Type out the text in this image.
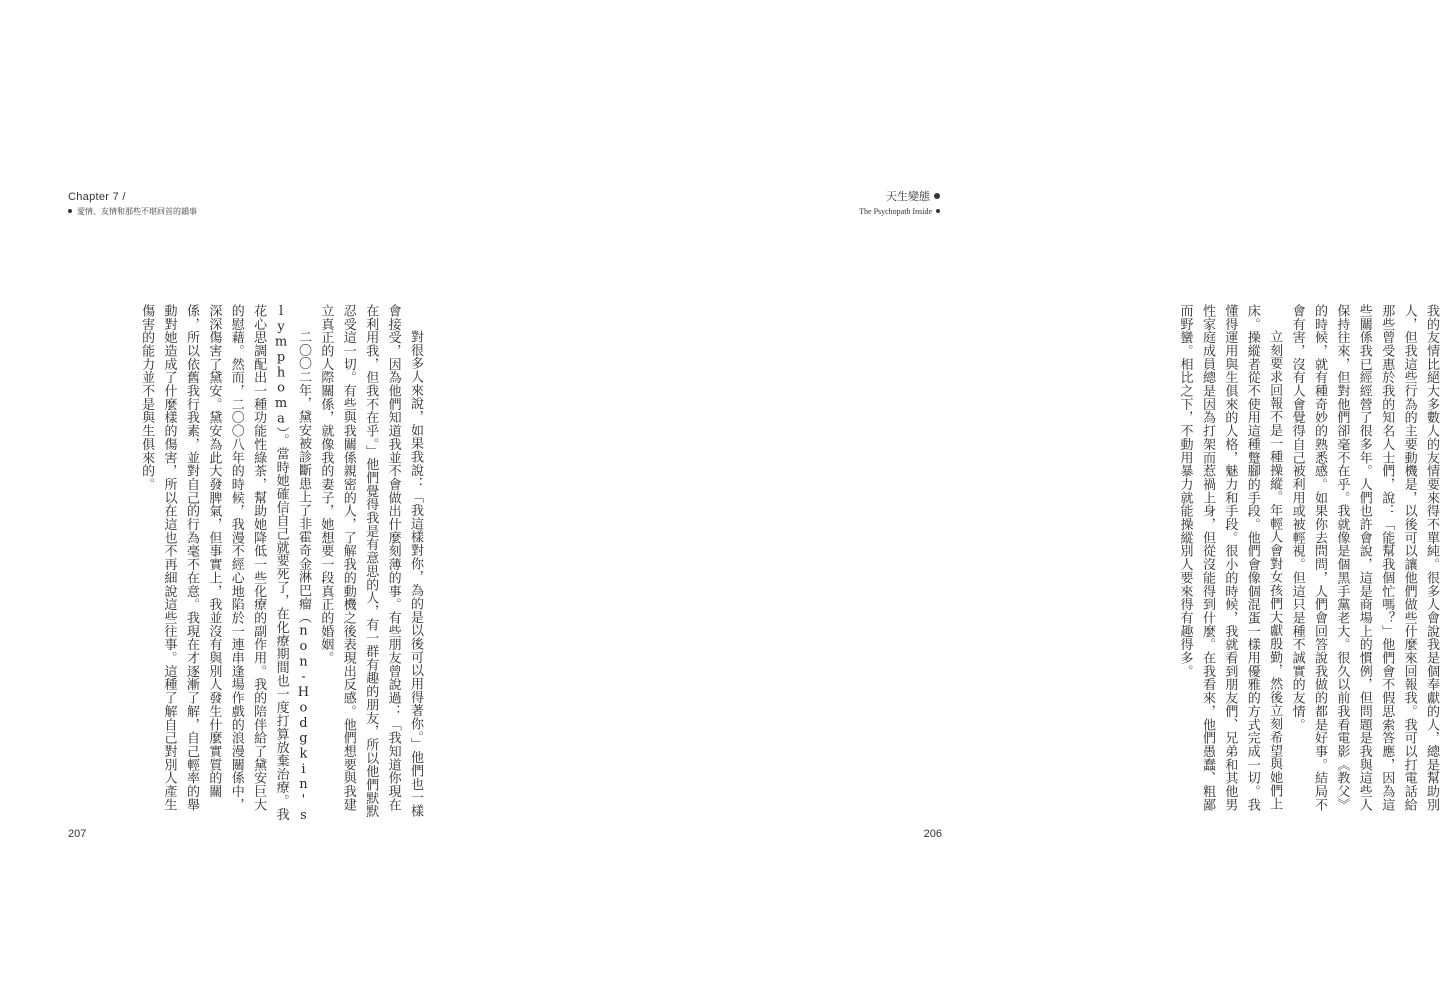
Chapter 7 /
愛情、友情和那些不堪回首的韻事

對很多人來說，如果我說：「我這樣對你，為的是以後可以用得著你。」他們也一樣會接受，因為他們知道我並不會做出什麼刻薄的事。有些朋友曾說過：「我知道你現在在利用我，但我不在乎。」他們覺得我是有意思的人，有一群有趣的朋友，所以他們默默忍受這一切。有些與我關係親密的人，了解我的動機之後表現出反感。他們想要與我建立真正的人際關係，就像我的妻子，她想要一段真正的婚姻。

二〇〇二年，黛安被診斷患上了非霍奇金淋巴瘤（non-Hodgkin's lymphoma）。當時她確信自己就要死了，在化療期間也一度打算放棄治療。我花心思調配出一種功能性綠茶，幫助她降低一些化療的副作用。我的陪伴給了黛安巨大的慰藉。然而，二〇〇八年的時候，我漫不經心地陷於一連串逢場作戲的浪漫關係中，深深傷害了黛安。黛安為此大發脾氣，但事實上，我並沒有與別人發生什麼實質的關係，所以依舊我行我素，並對自己的行為毫不在意。我現在才逐漸了解，自己輕率的舉動對她造成了什麼樣的傷害，所以在這也不再細說這些往事。這種了解自己對別人產生傷害的能力並不是與生俱來的。

207
天生變態
The Psychopath Inside

我的友情比絕大多數人的友情要來得不單純。很多人會說我是個奉獻的人，總是幫助別人，但我這些行為的主要動機是，以後可以讓他們做些什麼來回報我。我可以打電話給那些曾受惠於我的知名人士們，說：「能幫我個忙嗎？」他們會不假思索答應，因為這些關係我已經經營了很多年。人們也許會說，這是商場上的慣例，但問題是我與這些人保持往來，但對他們卻毫不在乎。我就像是個黑手黨老大。很久以前我看電影《教父》的時候，就有種奇妙的熟悉感。如果你去問問，人們會回答說我做的都是好事。結局不會有害，沒有人會覺得自己被利用或被輕視。但這只是種不誠實的友情。

立刻要求回報不是一種操縱。年輕人會對女孩們大獻殷勤，然後立刻希望與她們上床。操縱者從不使用這種蹩腳的手段。他們會像個混蛋一樣用優雅的方式完成一切。我懂得運用與生俱來的人格，魅力和手段。很小的時候，我就看到朋友們、兄弟和其他男性家庭成員總是因為打架而惹禍上身，但從沒能得到什麼。在我看來，他們愚蠢、粗鄙而野蠻。相比之下，不動用暴力就能操縱別人要來得有趣得多。

206
